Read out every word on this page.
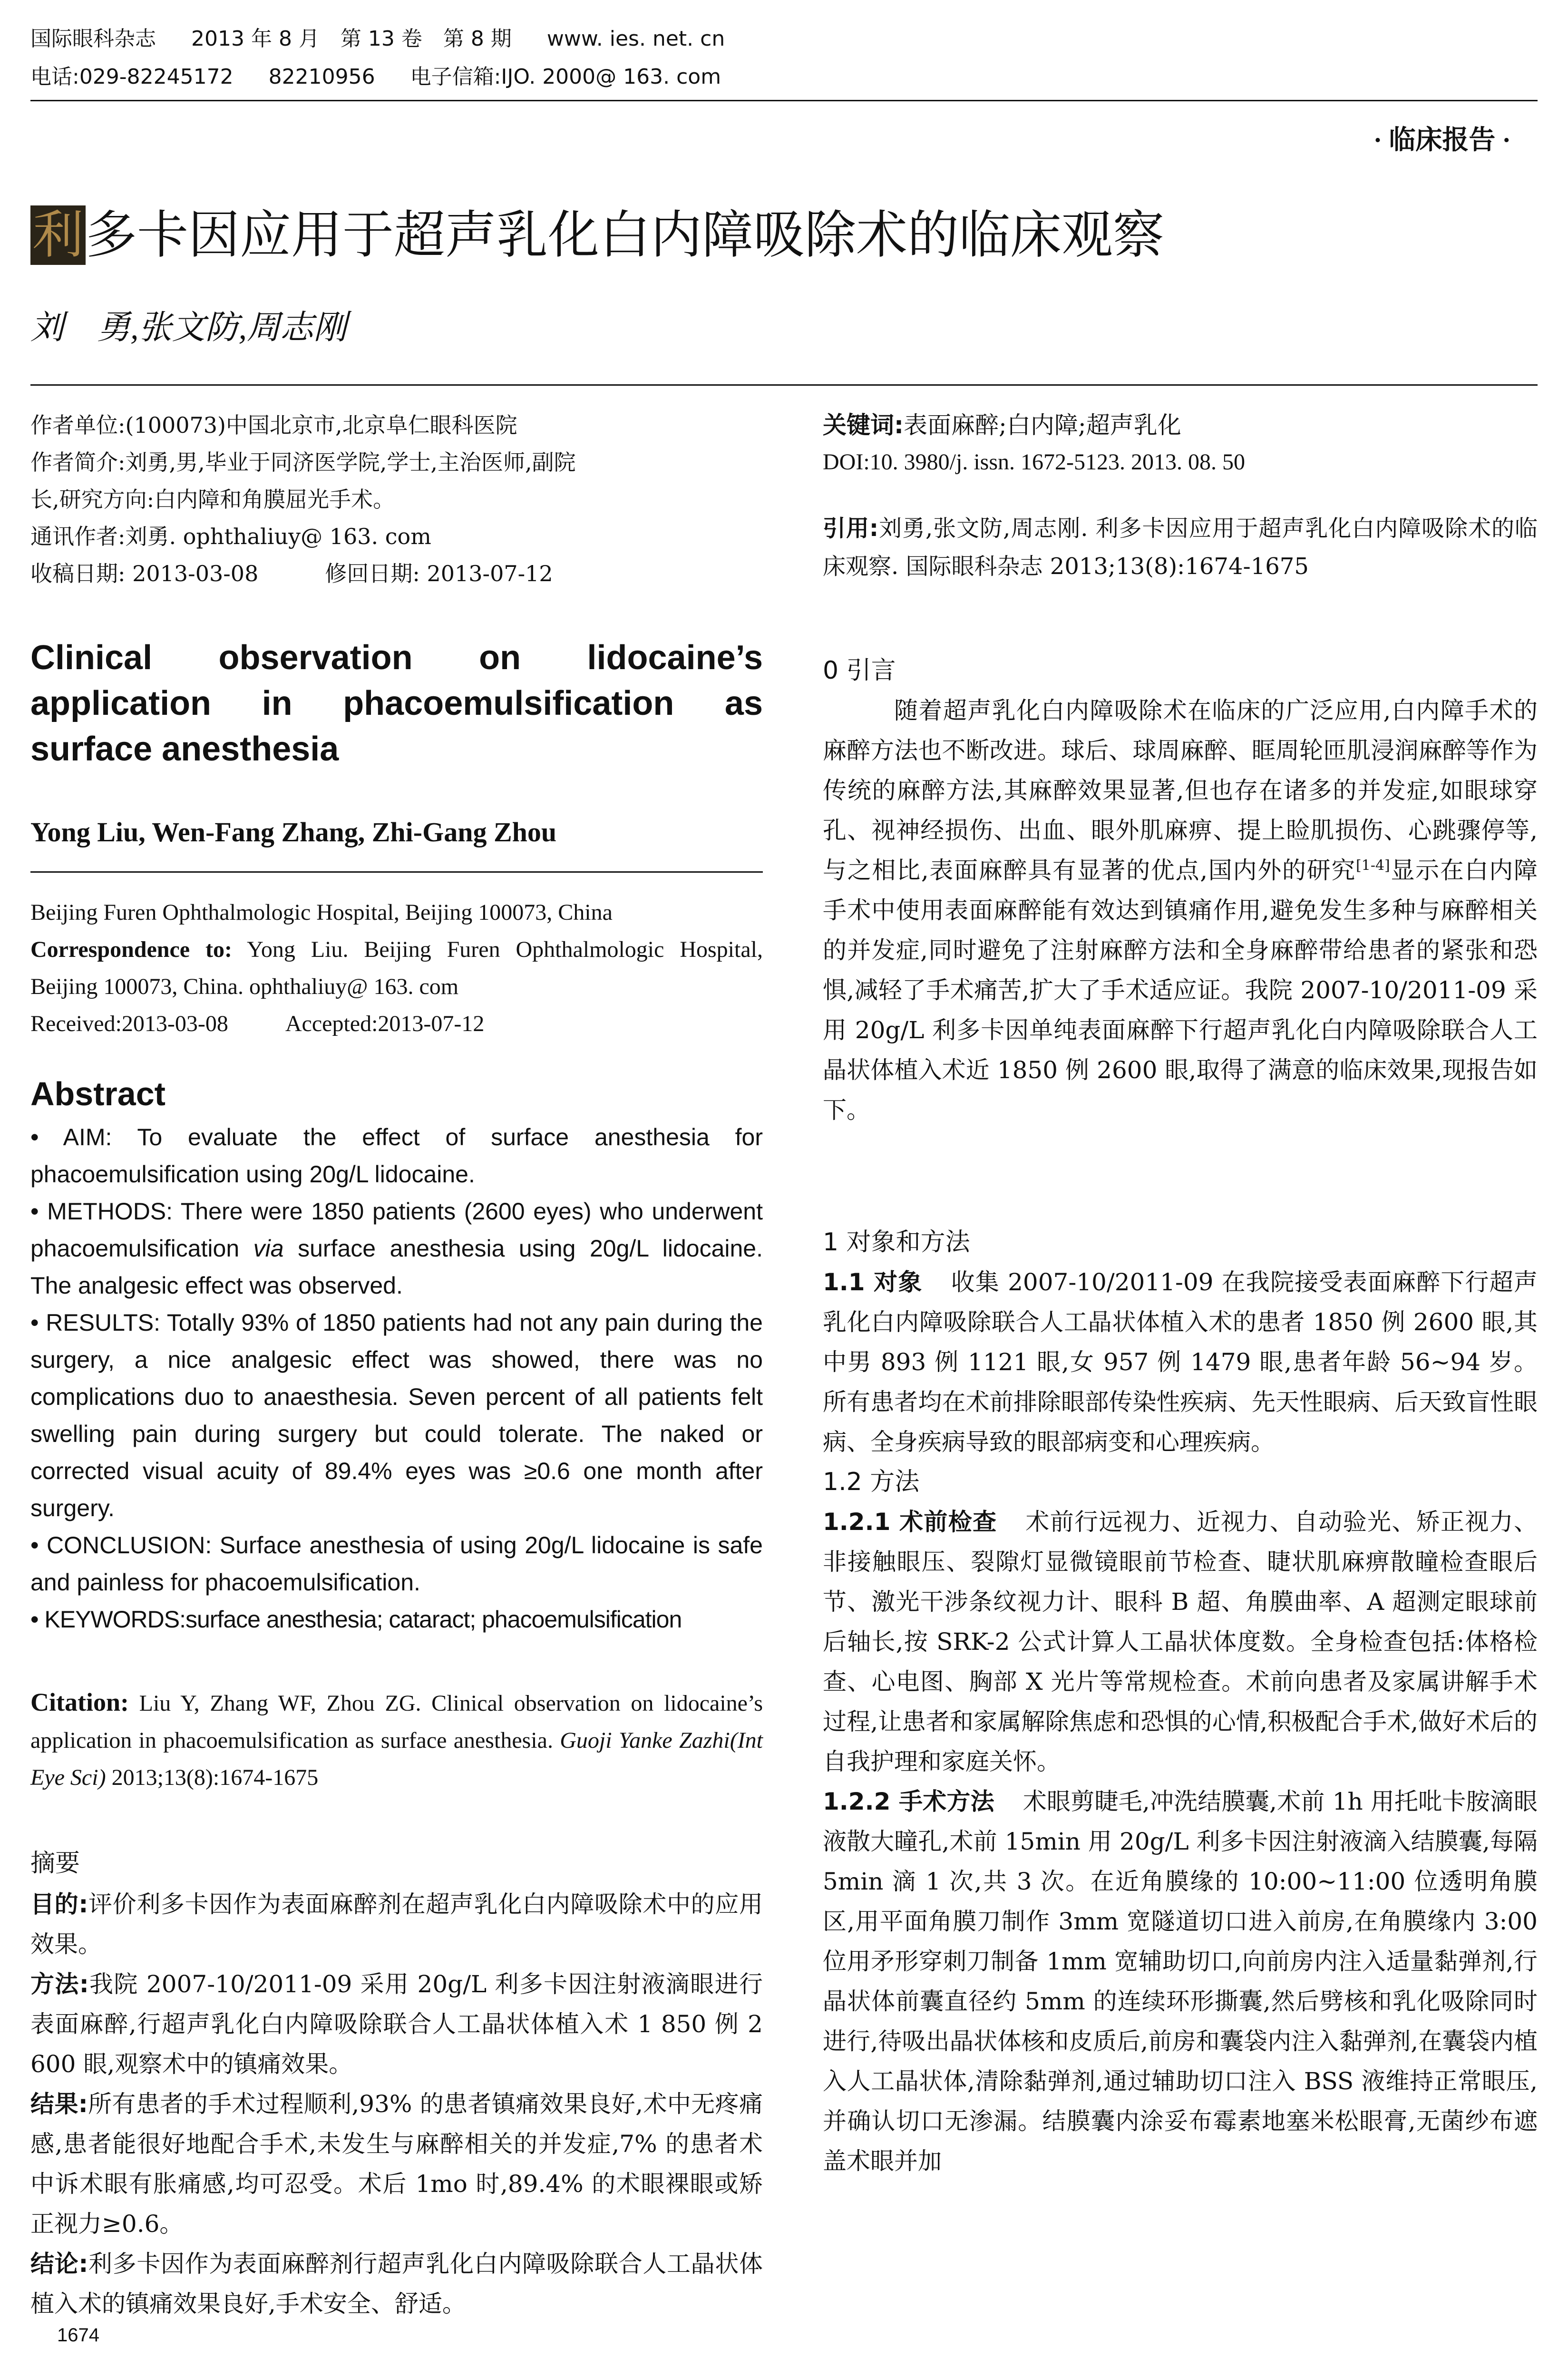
国际眼科杂志 2013 年 8 月　第 13 卷　第 8 期 www. ies. net. cn
电话:029-82245172 82210956 电子信箱:IJO. 2000@ 163. com
· 临床报告 ·
利多卡因应用于超声乳化白内障吸除术的临床观察
刘　勇,张文防,周志刚

作者单位:(100073)中国北京市,北京阜仁眼科医院

作者简介:刘勇,男,毕业于同济医学院,学士,主治医师,副院

长,研究方向:白内障和角膜屈光手术。

通讯作者:刘勇. ophthaliuy@ 163. com

收稿日期: 2013-03-08	修回日期: 2013-07-12

Clinical observation on lidocaine’s

application in phacoemulsification as

surface anesthesia

Yong Liu, Wen-Fang Zhang, Zhi-Gang Zhou
Beijing Furen Ophthalmologic Hospital, Beijing 100073, China
Correspondence to: Yong Liu. Beijing Furen Ophthalmologic Hospital, Beijing 100073, China. ophthaliuy@ 163. com
Received:2013-03-08	Accepted:2013-07-12
Abstract

• AIM: To evaluate the effect of surface anesthesia for phacoemulsification using 20g/L lidocaine.

• METHODS: There were 1850 patients (2600 eyes) who underwent phacoemulsification via surface anesthesia using 20g/L lidocaine. The analgesic effect was observed.

• RESULTS: Totally 93% of 1850 patients had not any pain during the surgery, a nice analgesic effect was showed, there was no complications duo to anaesthesia. Seven percent of all patients felt swelling pain during surgery but could tolerate. The naked or corrected visual acuity of 89.4% eyes was ≥0.6 one month after surgery.

• CONCLUSION: Surface anesthesia of using 20g/L lidocaine is safe and painless for phacoemulsification.

• KEYWORDS:surface anesthesia; cataract; phacoemulsification

Citation: Liu Y, Zhang WF, Zhou ZG. Clinical observation on lidocaine’s application in phacoemulsification as surface anesthesia. Guoji Yanke Zazhi(Int Eye Sci) 2013;13(8):1674-1675
摘要

目的:评价利多卡因作为表面麻醉剂在超声乳化白内障吸除术中的应用效果。

方法:我院 2007-10/2011-09 采用 20g/L 利多卡因注射液滴眼进行表面麻醉,行超声乳化白内障吸除联合人工晶状体植入术 1 850 例 2 600 眼,观察术中的镇痛效果。

结果:所有患者的手术过程顺利,93% 的患者镇痛效果良好,术中无疼痛感,患者能很好地配合手术,未发生与麻醉相关的并发症,7% 的患者术中诉术眼有胀痛感,均可忍受。术后 1mo 时,89.4% 的术眼裸眼或矫正视力≥0.6。

结论:利多卡因作为表面麻醉剂行超声乳化白内障吸除联合人工晶状体植入术的镇痛效果良好,手术安全、舒适。

1674

关键词:表面麻醉;白内障;超声乳化

DOI:10. 3980/j. issn. 1672-5123. 2013. 08. 50

引用:刘勇,张文防,周志刚. 利多卡因应用于超声乳化白内障吸除术的临床观察. 国际眼科杂志 2013;13(8):1674-1675

0 引言

随着超声乳化白内障吸除术在临床的广泛应用,白内障手术的麻醉方法也不断改进。球后、球周麻醉、眶周轮匝肌浸润麻醉等作为传统的麻醉方法,其麻醉效果显著,但也存在诸多的并发症,如眼球穿孔、视神经损伤、出血、眼外肌麻痹、提上睑肌损伤、心跳骤停等,与之相比,表面麻醉具有显著的优点,国内外的研究[1-4]显示在白内障手术中使用表面麻醉能有效达到镇痛作用,避免发生多种与麻醉相关的并发症,同时避免了注射麻醉方法和全身麻醉带给患者的紧张和恐惧,减轻了手术痛苦,扩大了手术适应证。我院 2007-10/2011-09 采用 20g/L 利多卡因单纯表面麻醉下行超声乳化白内障吸除联合人工晶状体植入术近 1850 例 2600 眼,取得了满意的临床效果,现报告如下。

1 对象和方法

1.1 对象 收集 2007-10/2011-09 在我院接受表面麻醉下行超声乳化白内障吸除联合人工晶状体植入术的患者 1850 例 2600 眼,其中男 893 例 1121 眼,女 957 例 1479 眼,患者年龄 56~94 岁。所有患者均在术前排除眼部传染性疾病、先天性眼病、后天致盲性眼病、全身疾病导致的眼部病变和心理疾病。

1.2 方法

1.2.1 术前检查 术前行远视力、近视力、自动验光、矫正视力、非接触眼压、裂隙灯显微镜眼前节检查、睫状肌麻痹散瞳检查眼后节、激光干涉条纹视力计、眼科 B 超、角膜曲率、A 超测定眼球前后轴长,按 SRK-2 公式计算人工晶状体度数。全身检查包括:体格检查、心电图、胸部 X 光片等常规检查。术前向患者及家属讲解手术过程,让患者和家属解除焦虑和恐惧的心情,积极配合手术,做好术后的自我护理和家庭关怀。

1.2.2 手术方法 术眼剪睫毛,冲洗结膜囊,术前 1h 用托吡卡胺滴眼液散大瞳孔,术前 15min 用 20g/L 利多卡因注射液滴入结膜囊,每隔 5min 滴 1 次,共 3 次。在近角膜缘的 10:00~11:00 位透明角膜区,用平面角膜刀制作 3mm 宽隧道切口进入前房,在角膜缘内 3:00 位用矛形穿刺刀制备 1mm 宽辅助切口,向前房内注入适量黏弹剂,行晶状体前囊直径约 5mm 的连续环形撕囊,然后劈核和乳化吸除同时进行,待吸出晶状体核和皮质后,前房和囊袋内注入黏弹剂,在囊袋内植入人工晶状体,清除黏弹剂,通过辅助切口注入 BSS 液维持正常眼压,并确认切口无渗漏。结膜囊内涂妥布霉素地塞米松眼膏,无菌纱布遮盖术眼并加
